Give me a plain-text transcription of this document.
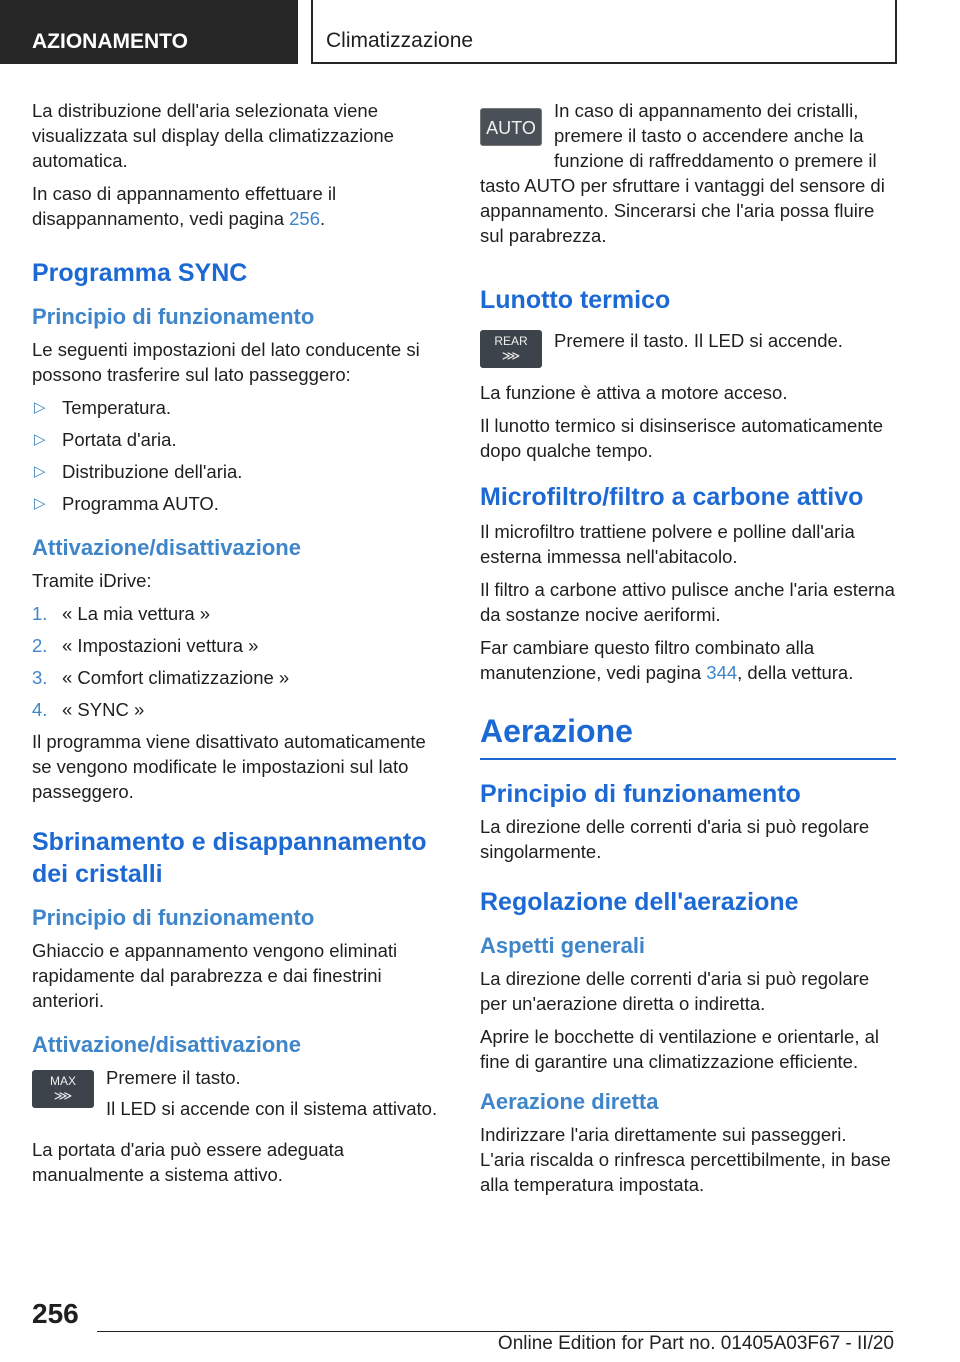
AZIONAMENTO	Climatizzazione

La distribuzione dell'aria selezionata viene visualizzata sul display della climatizzazione automatica.

In caso di appannamento effettuare il disappannamento, vedi pagina 256.

Programma SYNC
Principio di funzionamento

Le seguenti impostazioni del lato conducente si possono trasferire sul lato passeggero:

▷ Temperatura.
▷ Portata d'aria.
▷ Distribuzione dell'aria.
▷ Programma AUTO.
Attivazione/disattivazione

Tramite iDrive:

1. « La mia vettura »
2. « Impostazioni vettura »
3. « Comfort climatizzazione »
4. « SYNC »

Il programma viene disattivato automaticamente se vengono modificate le impostazioni sul lato passeggero.

Sbrinamento e disappannamento dei cristalli
Principio di funzionamento

Ghiaccio e appannamento vengono eliminati rapidamente dal parabrezza e dai finestrini anteriori.

Attivazione/disattivazione
MAX
⋙

Premere il tasto.

Il LED si accende con il sistema attivato.

La portata d'aria può essere adeguata manualmente a sistema attivo.

AUTO

In caso di appannamento dei cristalli, premere il tasto o accendere anche la funzione di raffreddamento o premere il tasto AUTO per sfruttare i vantaggi del sensore di appannamento. Sincerarsi che l'aria possa fluire sul parabrezza.

Lunotto termico
REAR
⋙

Premere il tasto. Il LED si accende.

La funzione è attiva a motore acceso.

Il lunotto termico si disinserisce automaticamente dopo qualche tempo.

Microfiltro/filtro a carbone attivo

Il microfiltro trattiene polvere e polline dall'aria esterna immessa nell'abitacolo.

Il filtro a carbone attivo pulisce anche l'aria esterna da sostanze nocive aeriformi.

Far cambiare questo filtro combinato alla manutenzione, vedi pagina 344, della vettura.

Aerazione
Principio di funzionamento

La direzione delle correnti d'aria si può regolare singolarmente.

Regolazione dell'aerazione
Aspetti generali

La direzione delle correnti d'aria si può regolare per un'aerazione diretta o indiretta.

Aprire le bocchette di ventilazione e orientarle, al fine di garantire una climatizzazione efficiente.

Aerazione diretta

Indirizzare l'aria direttamente sui passeggeri. L'aria riscalda o rinfresca percettibilmente, in base alla temperatura impostata.

256
Online Edition for Part no. 01405A03F67 - II/20
